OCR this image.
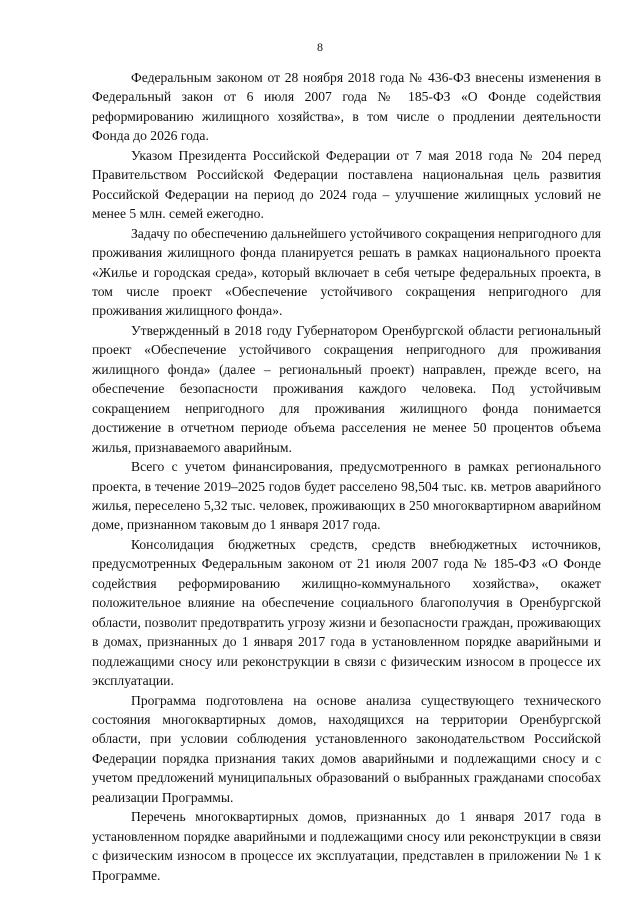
8

Федеральным законом от 28 ноября 2018 года № 436-ФЗ внесены изменения в Федеральный закон от 6 июля 2007 года № 185-ФЗ «О Фонде содействия реформированию жилищного хозяйства», в том числе о продлении деятельности Фонда до 2026 года.

Указом Президента Российской Федерации от 7 мая 2018 года № 204 перед Правительством Российской Федерации поставлена национальная цель развития Российской Федерации на период до 2024 года – улучшение жилищных условий не менее 5 млн. семей ежегодно.

Задачу по обеспечению дальнейшего устойчивого сокращения непригодного для проживания жилищного фонда планируется решать в рамках национального проекта «Жилье и городская среда», который включает в себя четыре федеральных проекта, в том числе проект «Обеспечение устойчивого сокращения непригодного для проживания жилищного фонда».

Утвержденный в 2018 году Губернатором Оренбургской области региональный проект «Обеспечение устойчивого сокращения непригодного для проживания жилищного фонда» (далее – региональный проект) направлен, прежде всего, на обеспечение безопасности проживания каждого человека. Под устойчивым сокращением непригодного для проживания жилищного фонда понимается достижение в отчетном периоде объема расселения не менее 50 процентов объема жилья, признаваемого аварийным.

Всего с учетом финансирования, предусмотренного в рамках регионального проекта, в течение 2019–2025 годов будет расселено 98,504 тыс. кв. метров аварийного жилья, переселено 5,32 тыс. человек, проживающих в 250 многоквартирном аварийном доме, признанном таковым до 1 января 2017 года.

Консолидация бюджетных средств, средств внебюджетных источников, предусмотренных Федеральным законом от 21 июля 2007 года № 185-ФЗ «О Фонде содействия реформированию жилищно-коммунального хозяйства», окажет положительное влияние на обеспечение социального благополучия в Оренбургской области, позволит предотвратить угрозу жизни и безопасности граждан, проживающих в домах, признанных до 1 января 2017 года в установленном порядке аварийными и подлежащими сносу или реконструкции в связи с физическим износом в процессе их эксплуатации.

Программа подготовлена на основе анализа существующего технического состояния многоквартирных домов, находящихся на территории Оренбургской области, при условии соблюдения установленного законодательством Российской Федерации порядка признания таких домов аварийными и подлежащими сносу и с учетом предложений муниципальных образований о выбранных гражданами способах реализации Программы.

Перечень многоквартирных домов, признанных до 1 января 2017 года в установленном порядке аварийными и подлежащими сносу или реконструкции в связи с физическим износом в процессе их эксплуатации, представлен в приложении № 1 к Программе.
